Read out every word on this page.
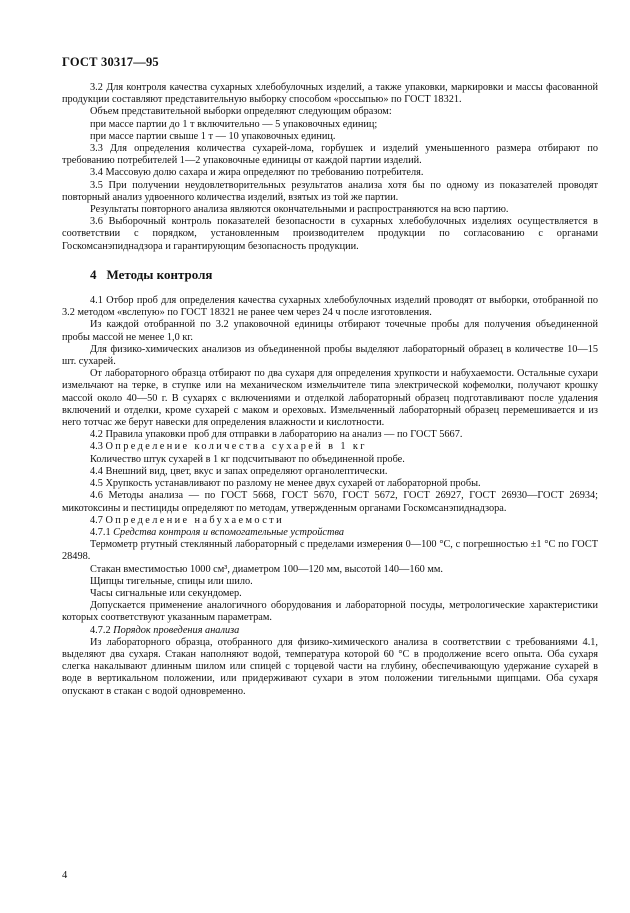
ГОСТ 30317—95

3.2 Для контроля качества сухарных хлебобулочных изделий, а также упаковки, маркировки и массы фасованной продукции составляют представительную выборку способом «россыпью» по ГОСТ 18321.

Объем представительной выборки определяют следующим образом:

при массе партии до 1 т включительно — 5 упаковочных единиц;

при массе партии свыше 1 т — 10 упаковочных единиц.

3.3 Для определения количества сухарей-лома, горбушек и изделий уменьшенного размера отбирают по требованию потребителей 1—2 упаковочные единицы от каждой партии изделий.

3.4 Массовую долю сахара и жира определяют по требованию потребителя.

3.5 При получении неудовлетворительных результатов анализа хотя бы по одному из показателей проводят повторный анализ удвоенного количества изделий, взятых из той же партии.

Результаты повторного анализа являются окончательными и распространяются на всю партию.

3.6 Выборочный контроль показателей безопасности в сухарных хлебобулочных изделиях осуществляется в соответствии с порядком, установленным производителем продукции по согласованию с органами Госкомсанэпиднадзора и гарантирующим безопасность продукции.

4 Методы контроля

4.1 Отбор проб для определения качества сухарных хлебобулочных изделий проводят от выборки, отобранной по 3.2 методом «вслепую» по ГОСТ 18321 не ранее чем через 24 ч после изготовления.

Из каждой отобранной по 3.2 упаковочной единицы отбирают точечные пробы для получения объединенной пробы массой не менее 1,0 кг.

Для физико-химических анализов из объединенной пробы выделяют лабораторный образец в количестве 10—15 шт. сухарей.

От лабораторного образца отбирают по два сухаря для определения хрупкости и набухаемости. Остальные сухари измельчают на терке, в ступке или на механическом измельчителе типа электрической кофемолки, получают крошку массой около 40—50 г. В сухарях с включениями и отделкой лабораторный образец подготавливают после удаления включений и отделки, кроме сухарей с маком и ореховых. Измельченный лабораторный образец перемешивается и из него тотчас же берут навески для определения влажности и кислотности.

4.2 Правила упаковки проб для отправки в лабораторию на анализ — по ГОСТ 5667.

4.3 Определение количества сухарей в 1 кг

Количество штук сухарей в 1 кг подсчитывают по объединенной пробе.

4.4 Внешний вид, цвет, вкус и запах определяют органолептически.

4.5 Хрупкость устанавливают по разлому не менее двух сухарей от лабораторной пробы.

4.6 Методы анализа — по ГОСТ 5668, ГОСТ 5670, ГОСТ 5672, ГОСТ 26927, ГОСТ 26930—ГОСТ 26934; микотоксины и пестициды определяют по методам, утвержденным органами Госкомсанэпиднадзора.

4.7 Определение набухаемости

4.7.1 Средства контроля и вспомогательные устройства

Термометр ртутный стеклянный лабораторный с пределами измерения 0—100 °С, с погрешностью ±1 °С по ГОСТ 28498.

Стакан вместимостью 1000 см³, диаметром 100—120 мм, высотой 140—160 мм.

Щипцы тигельные, спицы или шило.

Часы сигнальные или секундомер.

Допускается применение аналогичного оборудования и лабораторной посуды, метрологические характеристики которых соответствуют указанным параметрам.

4.7.2 Порядок проведения анализа

Из лабораторного образца, отобранного для физико-химического анализа в соответствии с требованиями 4.1, выделяют два сухаря. Стакан наполняют водой, температура которой 60 °С в продолжение всего опыта. Оба сухаря слегка накалывают длинным шилом или спицей с торцевой части на глубину, обеспечивающую удержание сухарей в воде в вертикальном положении, или придерживают сухари в этом положении тигельными щипцами. Оба сухаря опускают в стакан с водой одновременно.

4
